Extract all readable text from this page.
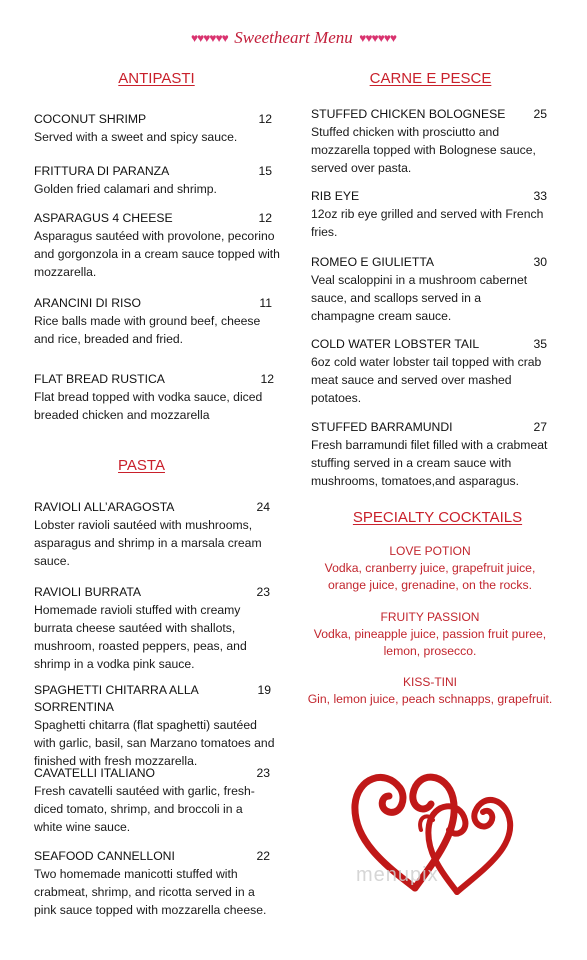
♥♥♥♥♥♥ Sweetheart Menu ♥♥♥♥♥♥
ANTIPASTI
COCONUT SHRIMP	12
Served with a sweet and spicy sauce.
FRITTURA DI PARANZA	15
Golden fried calamari and shrimp.
ASPARAGUS 4 CHEESE	12
Asparagus sautéed with provolone, pecorino and gorgonzola in a cream sauce topped with mozzarella.
ARANCINI DI RISO	11
Rice balls made with ground beef, cheese and rice, breaded and fried.
FLAT BREAD RUSTICA	12
Flat bread topped with vodka sauce, diced breaded chicken and mozzarella
PASTA
RAVIOLI ALL’ARAGOSTA	24
Lobster ravioli sautéed with mushrooms, asparagus and shrimp in a marsala cream sauce.
RAVIOLI BURRATA	23
Homemade ravioli stuffed with creamy burrata cheese sautéed with shallots, mushroom, roasted peppers, peas, and shrimp in a vodka pink sauce.
SPAGHETTI CHITARRA ALLA SORRENTINA
19
Spaghetti chitarra (flat spaghetti) sautéed with garlic, basil, san Marzano tomatoes and finished with fresh mozzarella.
CAVATELLI ITALIANO	23
Fresh cavatelli sautéed with garlic, fresh-diced tomato, shrimp, and broccoli in a white wine sauce.
SEAFOOD CANNELLONI	22
Two homemade manicotti stuffed with crabmeat, shrimp, and ricotta served in a pink sauce topped with mozzarella cheese.
CARNE E PESCE
STUFFED CHICKEN BOLOGNESE 25
Stuffed chicken with prosciutto and mozzarella topped with Bolognese sauce, served over pasta.
RIB EYE	33
12oz rib eye grilled and served with French fries.
ROMEO E GIULIETTA	30
Veal scaloppini in a mushroom cabernet sauce, and scallops served in a champagne cream sauce.
COLD WATER LOBSTER TAIL	35
6oz cold water lobster tail topped with crab meat sauce and served over mashed potatoes.
STUFFED BARRAMUNDI	27
Fresh barramundi filet filled with a crabmeat stuffing served in a cream sauce with mushrooms, tomatoes,and asparagus.
SPECIALTY COCKTAILS
LOVE POTION
Vodka, cranberry juice, grapefruit juice, orange juice, grenadine, on the rocks.
FRUITY PASSION
Vodka, pineapple juice, passion fruit puree, lemon, prosecco.
KISS-TINI
Gin, lemon juice, peach schnapps, grapefruit.
menupix
